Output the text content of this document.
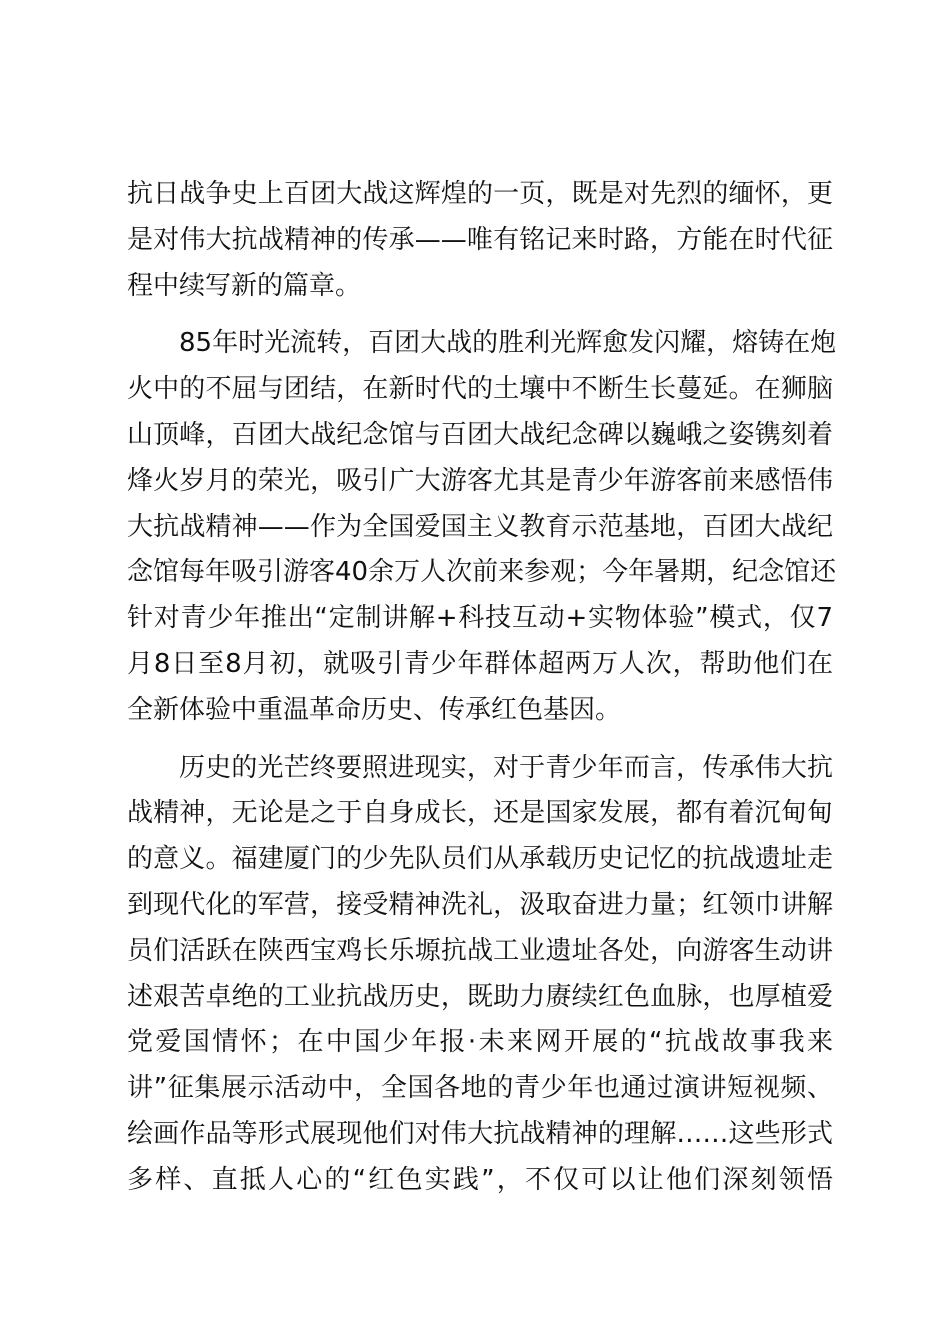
抗日战争史上百团大战这辉煌的一页，既是对先烈的缅怀，更
是对伟大抗战精神的传承——唯有铭记来时路，方能在时代征
程中续写新的篇章。
85年时光流转，百团大战的胜利光辉愈发闪耀，熔铸在炮
火中的不屈与团结，在新时代的土壤中不断生长蔓延。在狮脑
山顶峰，百团大战纪念馆与百团大战纪念碑以巍峨之姿镌刻着
烽火岁月的荣光，吸引广大游客尤其是青少年游客前来感悟伟
大抗战精神——作为全国爱国主义教育示范基地，百团大战纪
念馆每年吸引游客40余万人次前来参观；今年暑期，纪念馆还
针对青少年推出“定制讲解+科技互动+实物体验”模式，仅7
月8日至8月初，就吸引青少年群体超两万人次，帮助他们在
全新体验中重温革命历史、传承红色基因。
历史的光芒终要照进现实，对于青少年而言，传承伟大抗
战精神，无论是之于自身成长，还是国家发展，都有着沉甸甸
的意义。福建厦门的少先队员们从承载历史记忆的抗战遗址走
到现代化的军营，接受精神洗礼，汲取奋进力量；红领巾讲解
员们活跃在陕西宝鸡长乐塬抗战工业遗址各处，向游客生动讲
述艰苦卓绝的工业抗战历史，既助力赓续红色血脉，也厚植爱
党爱国情怀；在中国少年报·未来网开展的“抗战故事我来
讲”征集展示活动中，全国各地的青少年也通过演讲短视频、
绘画作品等形式展现他们对伟大抗战精神的理解……这些形式
多样、直抵人心的“红色实践”，不仅可以让他们深刻领悟
